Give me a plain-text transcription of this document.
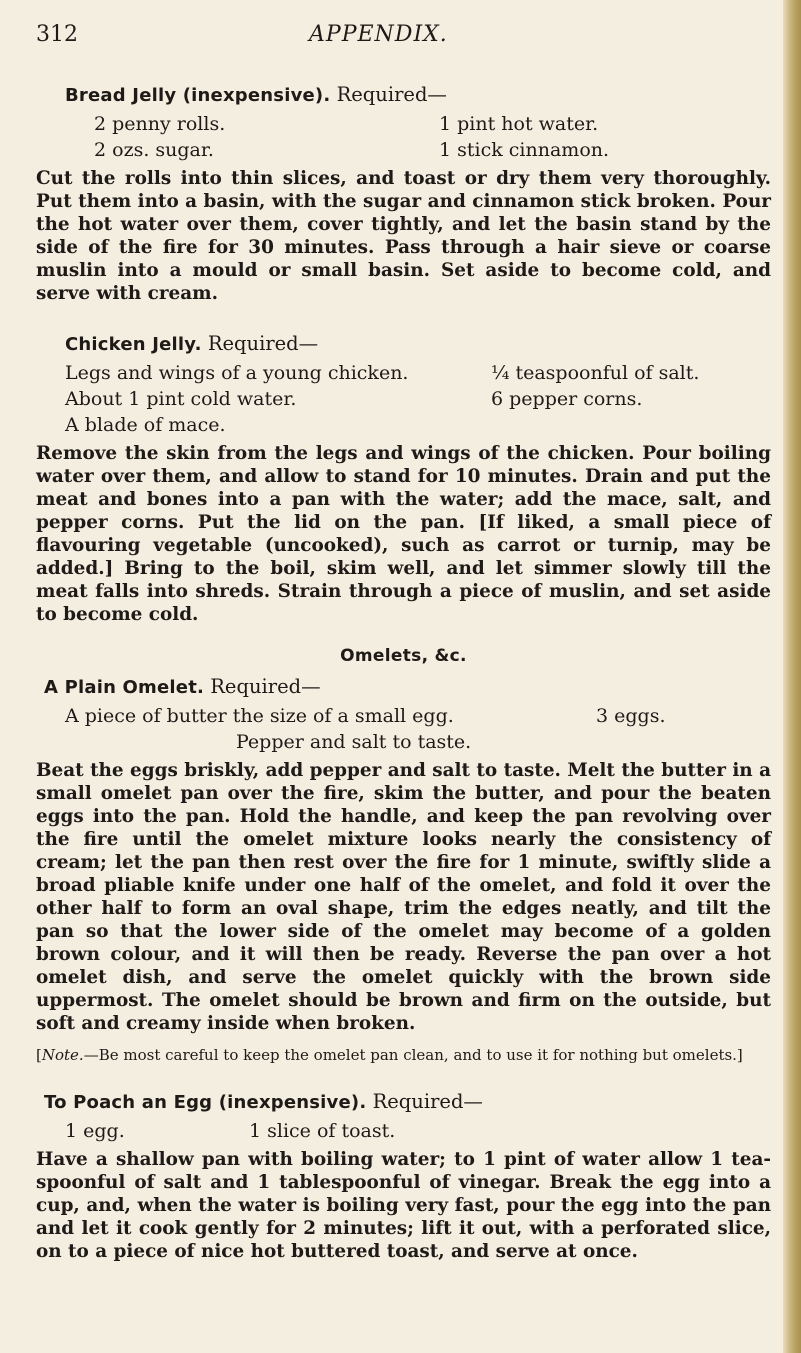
312	APPENDIX.
Bread Jelly (inexpensive). Required—
2 penny rolls.	1 pint hot water.
2 ozs. sugar.	1 stick cinnamon.

Cut the rolls into thin slices, and toast or dry them very thoroughly. Put them into a basin, with the sugar and cinnamon stick broken. Pour the hot water over them, cover tightly, and let the basin stand by the side of the fire for 30 minutes. Pass through a hair sieve or coarse muslin into a mould or small basin. Set aside to become cold, and serve with cream.

Chicken Jelly. Required—
Legs and wings of a young chicken.	¼ teaspoonful of salt.
About 1 pint cold water.	6 pepper corns.
A blade of mace.

Remove the skin from the legs and wings of the chicken. Pour boiling water over them, and allow to stand for 10 minutes. Drain and put the meat and bones into a pan with the water; add the mace, salt, and pepper corns. Put the lid on the pan. [If liked, a small piece of flavouring vegetable (uncooked), such as carrot or turnip, may be added.] Bring to the boil, skim well, and let simmer slowly till the meat falls into shreds. Strain through a piece of muslin, and set aside to become cold.

Omelets, &c.
A Plain Omelet. Required—
A piece of butter the size of a small egg.	3 eggs.
Pepper and salt to taste.

Beat the eggs briskly, add pepper and salt to taste. Melt the butter in a small omelet pan over the fire, skim the butter, and pour the beaten eggs into the pan. Hold the handle, and keep the pan revolving over the fire until the omelet mixture looks nearly the consistency of cream; let the pan then rest over the fire for 1 minute, swiftly slide a broad pliable knife under one half of the omelet, and fold it over the other half to form an oval shape, trim the edges neatly, and tilt the pan so that the lower side of the omelet may become of a golden brown colour, and it will then be ready. Reverse the pan over a hot omelet dish, and serve the omelet quickly with the brown side uppermost. The omelet should be brown and firm on the outside, but soft and creamy inside when broken.

[Note.—Be most careful to keep the omelet pan clean, and to use it for nothing but omelets.]
To Poach an Egg (inexpensive). Required—
1 egg.	1 slice of toast.

Have a shallow pan with boiling water; to 1 pint of water allow 1 tea-spoonful of salt and 1 tablespoonful of vinegar. Break the egg into a cup, and, when the water is boiling very fast, pour the egg into the pan and let it cook gently for 2 minutes; lift it out, with a perforated slice, on to a piece of nice hot buttered toast, and serve at once.
